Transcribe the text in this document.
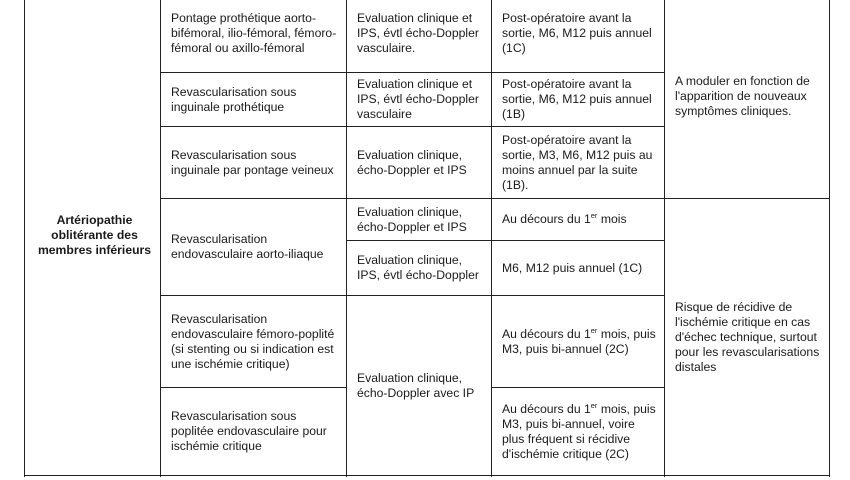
Artériopathie oblitérante des membres inférieurs	Pontage prothétique aorto-bifémoral, ilio-fémoral, fémoro-fémoral ou axillo-fémoral	Evaluation clinique et IPS, évtl écho-Doppler vasculaire.	Post-opératoire avant la sortie, M6, M12 puis annuel (1C)	A moduler en fonction de l'apparition de nouveaux symptômes cliniques.
	Revascularisation sous inguinale prothétique	Evaluation clinique et IPS, évtl écho-Doppler vasculaire	Post-opératoire avant la sortie, M6, M12 puis annuel (1B)	
	Revascularisation sous inguinale par pontage veineux	Evaluation clinique, écho-Doppler et IPS	Post-opératoire avant la sortie, M3, M6, M12 puis au moins annuel par la suite (1B).	
	Revascularisation endovasculaire aorto-iliaque	Evaluation clinique, écho-Doppler et IPS	Au décours du 1er mois	Risque de récidive de l'ischémie critique en cas d'échec technique, surtout pour les revascularisations distales
		Evaluation clinique, IPS, évtl écho-Doppler	M6, M12 puis annuel (1C)	
	Revascularisation endovasculaire fémoro-poplité (si stenting ou si indication est une ischémie critique)	Evaluation clinique, écho-Doppler avec IP	Au décours du 1er mois, puis M3, puis bi-annuel (2C)	
	Revascularisation sous poplitée endovasculaire pour ischémie critique		Au décours du 1er mois, puis M3, puis bi-annuel, voire plus fréquent si récidive d'ischémie critique (2C)	
